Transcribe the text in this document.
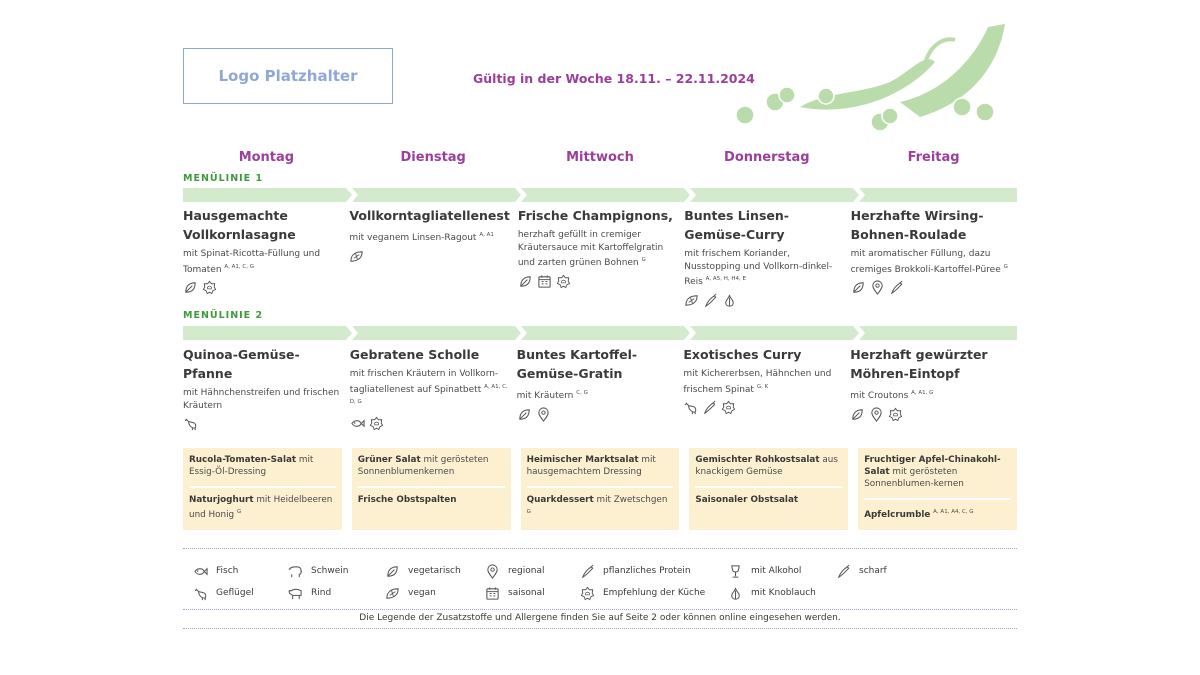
Logo Platzhalter	Gültig in der Woche 18.11. – 22.11.2024
Montag	Dienstag	Mittwoch	Donnerstag	Freitag
MENÜLINIE 1
Hausgemachte Vollkornlasagne
mit Spinat-Ricotta-Füllung und Tomaten $^{A, A1, C, G}$
Vollkorntagliatellenest
mit veganem Linsen-Ragout $^{A, A1}$
Frische Champignons,
herzhaft gefüllt in cremiger Kräutersauce mit Kartoffelgratin und zarten grünen Bohnen $^G$
Buntes Linsen-Gemüse-Curry
mit frischem Koriander, Nusstopping und Vollkorn-dinkel-Reis $^{A, A5, H, H4, E}$
Herzhafte Wirsing-Bohnen-Roulade
mit aromatischer Füllung, dazu cremiges Brokkoli-Kartoffel-Püree $^G$
MENÜLINIE 2
Quinoa-Gemüse-Pfanne
mit Hähnchenstreifen und frischen Kräutern
Gebratene Scholle
mit frischen Kräutern in Vollkorn-tagliatellenest auf Spinatbett $^{A, A1, C, D, G}$
Buntes Kartoffel-Gemüse-Gratin
mit Kräutern $^{C, G}$
Exotisches Curry
mit Kichererbsen, Hähnchen und frischem Spinat $^{G, K}$
Herzhaft gewürzter Möhren-Eintopf
mit Croutons $^{A, A1, G}$
Rucola-Tomaten-Salat mit Essig-Öl-Dressing
Naturjoghurt mit Heidelbeeren und Honig $^G$
Grüner Salat mit gerösteten Sonnenblumenkernen
Frische Obstspalten
Heimischer Marktsalat mit hausgemachtem Dressing
Quarkdessert mit Zwetschgen $^G$
Gemischter Rohkostsalat aus knackigem Gemüse
Saisonaler Obstsalat
Fruchtiger Apfel-Chinakohl-Salat mit gerösteten Sonnenblumen-kernen
Apfelcrumble $^{A, A1, A4, C, G}$
Fisch	Schwein	vegetarisch	regional	pflanzliches Protein	mit Alkohol	scharf
Geflügel	Rind	vegan	saisonal	Empfehlung der Küche	mit Knoblauch
Die Legende der Zusatzstoffe und Allergene finden Sie auf Seite 2 oder können online eingesehen werden.
